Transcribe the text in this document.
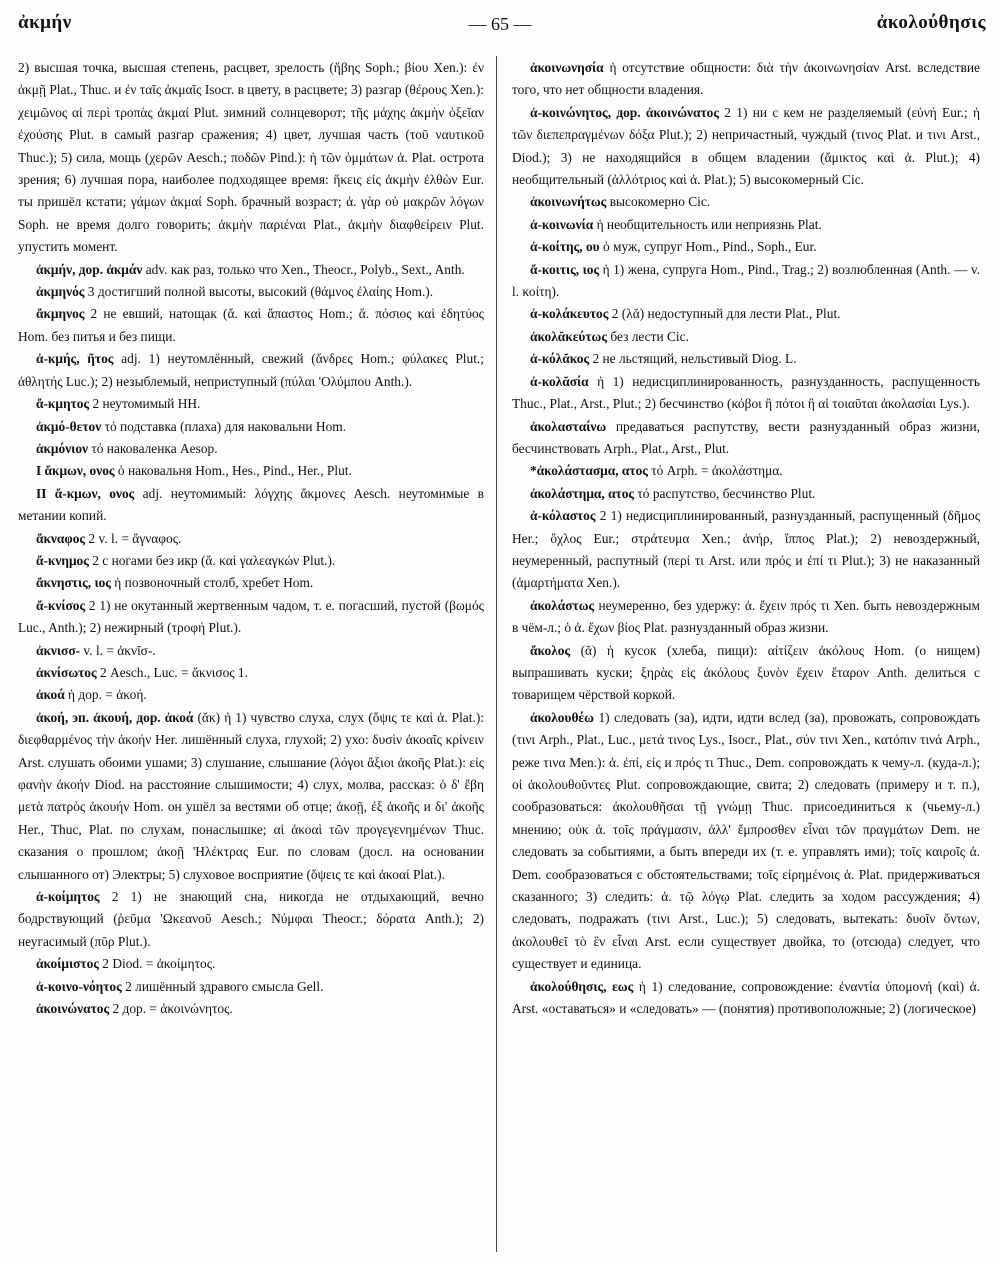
ἀκμήν	— 65 —	ἀκολούθησις

2) высшая точка, высшая степень, расцвет, зрелость (ἥβης Soph.; βίου Xen.): ἐν ἀκμῇ Plat., Thuc. и ἐν ταῖς ἀκμαῖς Isocr. в цвету, в расцвете; 3) разгар (θέρους Xen.): χειμῶνος αἱ περὶ τροπὰς ἀκμαί Plut. зимний солнцеворот; τῆς μάχης ἀκμὴν ὀξεῖαν ἐχούσης Plut. в самый разгар сражения; 4) цвет, лучшая часть (τοῦ ναυτικοῦ Thuc.); 5) сила, мощь (χερῶν Aesch.; ποδῶν Pind.): ἡ τῶν ὀμμάτων ἀ. Plat. острота зрения; 6) лучшая пора, наиболее подходящее время: ἥκεις εἰς ἀκμὴν ἐλθὼν Eur. ты пришёл кстати; γάμων ἀκμαί Soph. брачный возраст; ἀ. γὰρ οὐ μακρῶν λόγων Soph. не время долго говорить; ἀκμὴν παριέναι Plat., ἀκμὴν διαφθείρειν Plut. упустить момент.

ἀκμήν, дор. ἀκμάν adv. как раз, только что Xen., Theocr., Polyb., Sext., Anth.

ἀκμηνός 3 достигший полной высоты, высокий (θάμνος ἐλαίης Hom.).

ἄκμηνος 2 не евший, натощак (ἄ. καὶ ἄπαστος Hom.; ἄ. πόσιος καὶ ἐδητύος Hom. без питья и без пищи.

ἀ-κμής, ῆτος adj. 1) неутомлённый, свежий (ἄνδρες Hom.; φύλακες Plut.; ἀθλητής Luc.); 2) незыблемый, неприступный (πύλαι 'Ολύμπου Anth.).

ἄ-κμητος 2 неутомимый HH.

ἀκμό-θετον τό подставка (плаха) для наковальни Hom.

ἀκμόνιον τό наковаленка Aesop.

I ἄκμων, ονος ὁ наковальня Hom., Hes., Pind., Her., Plut.

II ἄ-κμων, ονος adj. неутомимый: λόγχης ἄκμονες Aesch. неутомимые в метании копий.

ἄκναφος 2 v. l. = ἄγναφος.

ἄ-κνημος 2 с ногами без икр (ἄ. καὶ γαλεαγκών Plut.).

ἄκνηστις, ιος ἡ позвоночный столб, хребет Hom.

ἄ-κνίσος 2 1) не окутанный жертвенным чадом, т. е. погасший, пустой (βωμός Luc., Anth.); 2) нежирный (τροφή Plut.).

ἀκνισσ- v. l. = ἀκνῖσ-.

ἀκνίσωτος 2 Aesch., Luc. = ἄκνισος 1.

ἀκοά ἡ дор. = ἀκοή.

ἀκοή, эп. ἀκουή, дор. ἀκοά (ᾰκ) ἡ 1) чувство слуха, слух (ὄψις τε καὶ ἀ. Plat.): διεφθαρμένος τὴν ἀκοήν Her. лишённый слуха, глухой; 2) ухо: δυσὶν ἀκοαῖς κρίνειν Arst. слушать обоими ушами; 3) слушание, слышание (λόγοι ἄξιοι ἀκοῆς Plat.): εἰς φανὴν ἀκοήν Diod. на расстояние слышимости; 4) слух, молва, рассказ: ὁ δ' ἔβη μετὰ πατρὸς ἀκουήν Hom. он ушёл за вестями об отце; ἀκοῇ, ἐξ ἀκοῆς и δι' ἀκοῆς Her., Thuc, Plat. по слухам, понаслышке; αἱ ἀκοαὶ τῶν προγεγενημένων Thuc. сказания о прошлом; ἀκοῇ 'Ηλέκτρας Eur. по словам (досл. на основании слышанного от) Электры; 5) слуховое восприятие (ὄψεις τε καὶ ἀκοαί Plat.).

ἀ-κοίμητος 2 1) не знающий сна, никогда не отдыхающий, вечно бодрствующий (ῥεῦμα 'Ωκεανοῦ Aesch.; Νύμφαι Theocr.; δόρατα Anth.); 2) неугасимый (πῦρ Plut.).

ἀκοίμιστος 2 Diod. = ἀκοίμητος.

ἀ-κοινο-νόητος 2 лишённый здравого смысла Gell.

ἀκοινώνατος 2 дор. = ἀκοινώνητος.

ἀκοινωνησία ἡ отсутствие общности: διὰ τὴν ἀκοινωνησίαν Arst. вследствие того, что нет общности владения.

ἀ-κοινώνητος, дор. ἀκοινώνατος 2 1) ни с кем не разделяемый (εὐνή Eur.; ἡ τῶν διεπεπραγμένων δόξα Plut.); 2) непричастный, чуждый (τινος Plat. и τινι Arst., Diod.); 3) не находящийся в общем владении (ἄμικτος καὶ ἀ. Plut.); 4) необщительный (ἀλλότριος καὶ ἀ. Plat.); 5) высокомерный Cic.

ἀκοινωνήτως высокомерно Cic.

ἀ-κοινωνία ἡ необщительность или неприязнь Plat.

ἀ-κοίτης, ου ὁ муж, супруг Hom., Pind., Soph., Eur.

ἄ-κοιτις, ιος ἡ 1) жена, супруга Hom., Pind., Trag.; 2) возлюбленная (Anth. — v. l. κοίτη).

ἀ-κολάκευτος 2 (λᾰ) недоступный для лести Plat., Plut.

ἀκολᾰκεύτως без лести Cic.

ἀ-κόλᾰκος 2 не льстящий, нельстивый Diog. L.

ἀ-κολᾰσία ἡ 1) недисциплинированность, разнузданность, распущенность Thuc., Plat., Arst., Plut.; 2) бесчинство (κόβοι ἢ πότοι ἢ αἱ τοιαῦται ἀκολασίαι Lys.).

ἀκολασταίνω предаваться распутству, вести разнузданный образ жизни, бесчинствовать Arph., Plat., Arst., Plut.

*ἀκολάστασμα, ατος τό Arph. = ἀκολάστημα.

ἀκολάστημα, ατος τό распутство, бесчинство Plut.

ἀ-κόλαστος 2 1) недисциплинированный, разнузданный, распущенный (δῆμος Her.; ὄχλος Eur.; στράτευμα Xen.; ἀνήρ, ἵππος Plat.); 2) невоздержный, неумеренный, распутный (περί τι Arst. или πρός и ἐπί τι Plut.); 3) не наказанный (ἁμαρτήματα Xen.).

ἀκολάστως неумеренно, без удержу: ἀ. ἔχειν πρός τι Xen. быть невоздержным в чём-л.; ὁ ἀ. ἔχων βίος Plat. разнузданный образ жизни.

ἄκολος (ᾰ) ἡ кусок (хлеба, пищи): αἰτίζειν ἀκόλους Hom. (о нищем) выпрашивать куски; ξηρὰς εἰς ἀκόλους ξυνὸν ἔχειν ἔταρον Anth. делиться с товарищем чёрствой коркой.

ἀκολουθέω 1) следовать (за), идти, идти вслед (за), провожать, сопровождать (τινι Arph., Plat., Luc., μετά τινος Lys., Isocr., Plat., σύν τινι Xen., κατόπιν τινά Arph., реже τινα Men.): ἀ. ἐπί, εἰς и πρός τι Thuc., Dem. сопровождать к чему-л. (куда-л.); οἱ ἀκολουθοῦντες Plut. сопровождающие, свита; 2) следовать (примеру и т. п.), сообразоваться: ἀκολουθῆσαι τῇ γνώμῃ Thuc. присоединиться к (чьему-л.) мнению; οὐκ ἀ. τοῖς πράγμασιν, ἀλλ' ἔμπροσθεν εἶναι τῶν πραγμάτων Dem. не следовать за событиями, а быть впереди их (т. е. управлять ими); τοῖς καιροῖς ἀ. Dem. сообразоваться с обстоятельствами; τοῖς εἰρημένοις ἀ. Plat. придерживаться сказанного; 3) следить: ἀ. τῷ λόγῳ Plat. следить за ходом рассуждения; 4) следовать, подражать (τινι Arst., Luc.); 5) следовать, вытекать: δυοῖν ὄντων, ἀκολουθεῖ τὸ ἓν εἶναι Arst. если существует двойка, то (отсюда) следует, что существует и единица.

ἀκολούθησις, εως ἡ 1) следование, сопровождение: ἐναντία ὑπομονή (καὶ) ἀ. Arst. «оставаться» и «следовать» — (понятия) противоположные; 2) (логическое)
